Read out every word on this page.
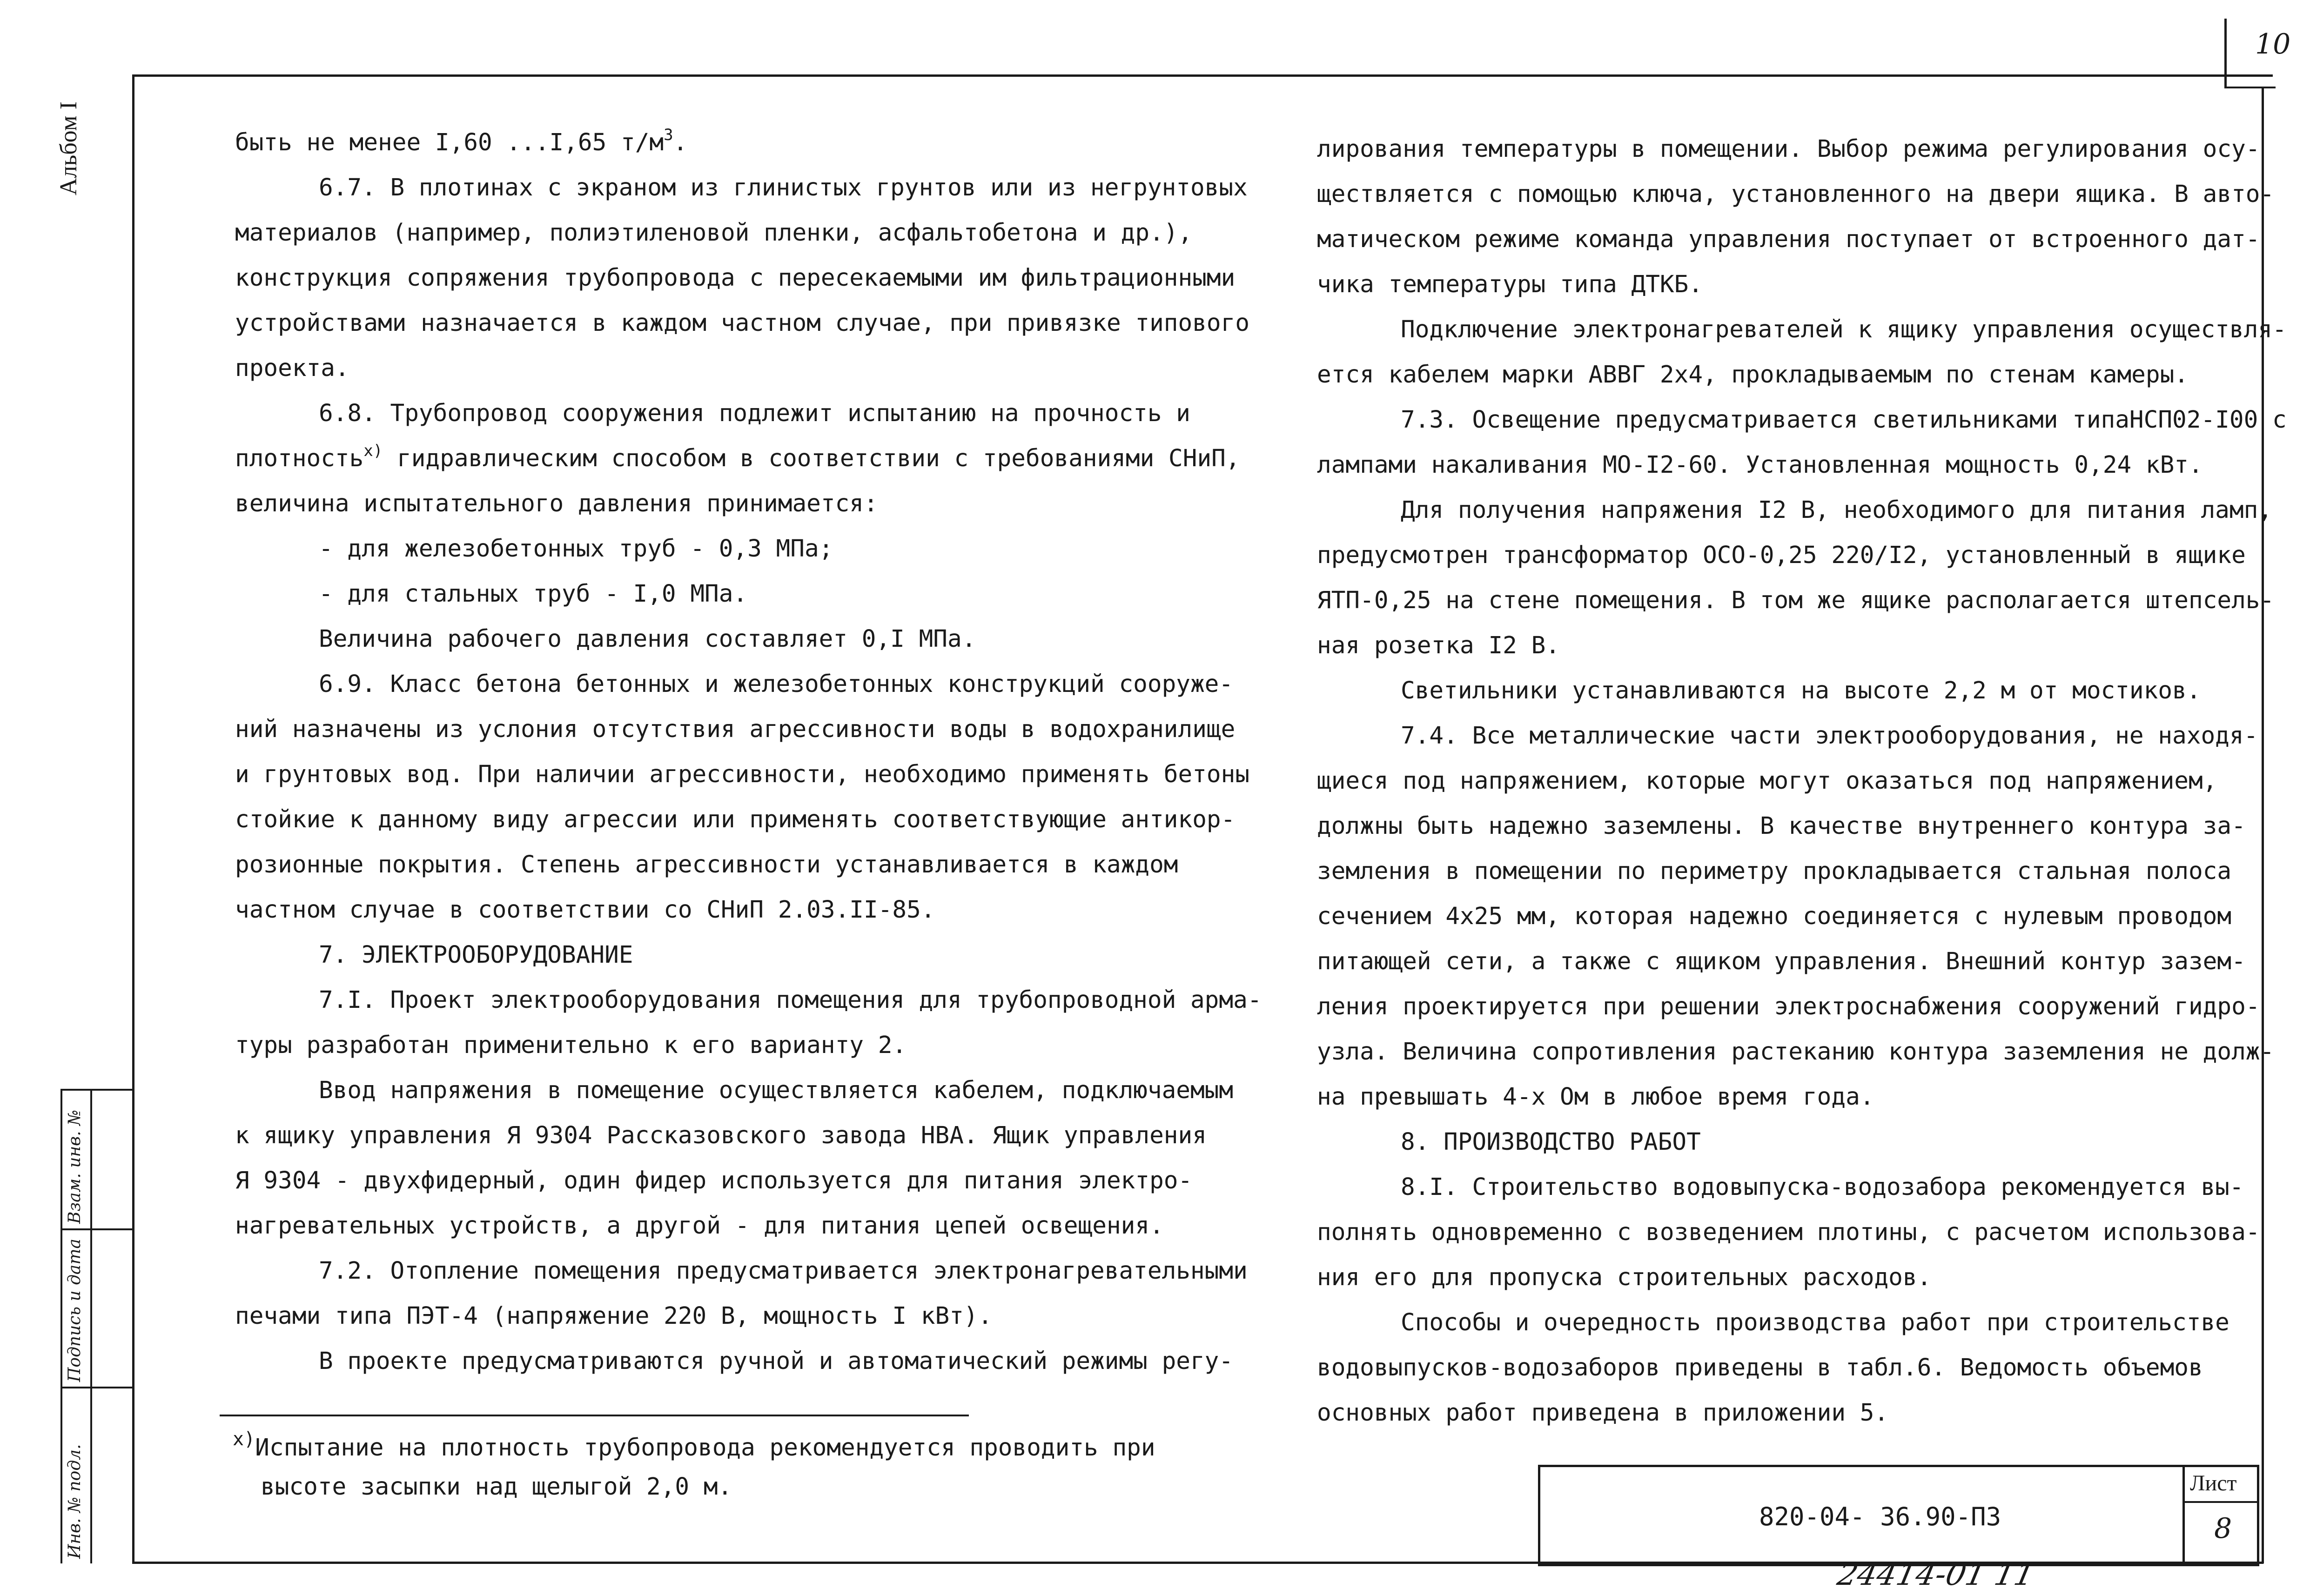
10
Альбом I
Инв. № подл.
Подпись и дата
Взам. инв. №

быть не менее I,60 ...I,65 $т/м^3$.

6.7. В плотинах с экраном из глинистых грунтов или из негрунтовых

материалов (например, полиэтиленовой пленки, асфальтобетона и др.),

конструкция сопряжения трубопровода с пересекаемыми им фильтрационными

устройствами назначается в каждом частном случае, при привязке типового

проекта.

6.8. Трубопровод сооружения подлежит испытанию на прочность и

плотность$^{x)}$ гидравлическим способом в соответствии с требованиями СНиП,

величина испытательного давления принимается:

- для железобетонных труб - 0,3 МПа;

- для стальных труб - I,0 МПа.

Величина рабочего давления составляет 0,I МПа.

6.9. Класс бетона бетонных и железобетонных конструкций сооруже-

ний назначены из услония отсутствия агрессивности воды в водохранилище

и грунтовых вод. При наличии агрессивности, необходимо применять бетоны

стойкие к данному виду агрессии или применять соответствующие антикор-

розионные покрытия. Степень агрессивности устанавливается в каждом

частном случае в соответствии со СНиП 2.03.II-85.

7. ЭЛЕКТРООБОРУДОВАНИЕ

7.I. Проект электрооборудования помещения для трубопроводной арма-

туры разработан применительно к его варианту 2.

Ввод напряжения в помещение осуществляется кабелем, подключаемым

к ящику управления Я 9304 Рассказовского завода НВА. Ящик управления

Я 9304 - двухфидерный, один фидер используется для питания электро-

нагревательных устройств, а другой - для питания цепей освещения.

7.2. Отопление помещения предусматривается электронагревательными

печами типа ПЭТ-4 (напряжение 220 В, мощность I кВт).

В проекте предусматриваются ручной и автоматический режимы регу-

лирования температуры в помещении. Выбор режима регулирования осу-

ществляется с помощью ключа, установленного на двери ящика. В авто-

матическом режиме команда управления поступает от встроенного дат-

чика температуры типа ДТКБ.

Подключение электронагревателей к ящику управления осуществля-

ется кабелем марки АВВГ 2х4, прокладываемым по стенам камеры.

7.3. Освещение предусматривается светильниками типаНСП02-I00 с

лампами накаливания МО-I2-60. Установленная мощность 0,24 кВт.

Для получения напряжения I2 В, необходимого для питания ламп,

предусмотрен трансформатор ОСО-0,25 220/I2, установленный в ящике

ЯТП-0,25 на стене помещения. В том же ящике располагается штепсель-

ная розетка I2 В.

Светильники устанавливаются на высоте 2,2 м от мостиков.

7.4. Все металлические части электрооборудования, не находя-

щиеся под напряжением, которые могут оказаться под напряжением,

должны быть надежно заземлены. В качестве внутреннего контура за-

земления в помещении по периметру прокладывается стальная полоса

сечением 4х25 мм, которая надежно соединяется с нулевым проводом

питающей сети, а также с ящиком управления. Внешний контур зазем-

ления проектируется при решении электроснабжения сооружений гидро-

узла. Величина сопротивления растеканию контура заземления не долж-

на превышать 4-х Ом в любое время года.

8. ПРОИЗВОДСТВО РАБОТ

8.I. Строительство водовыпуска-водозабора рекомендуется вы-

полнять одновременно с возведением плотины, с расчетом использова-

ния его для пропуска строительных расходов.

Способы и очередность производства работ при строительстве

водовыпусков-водозаборов приведены в табл.6. Ведомость объемов

основных работ приведена в приложении 5.

$^{x)}$Испытание на плотность трубопровода рекомендуется проводить при

высоте засыпки над щелыгой 2,0 м.

820-04- 36.90-ПЗ
Лист
8
24414-01 11
